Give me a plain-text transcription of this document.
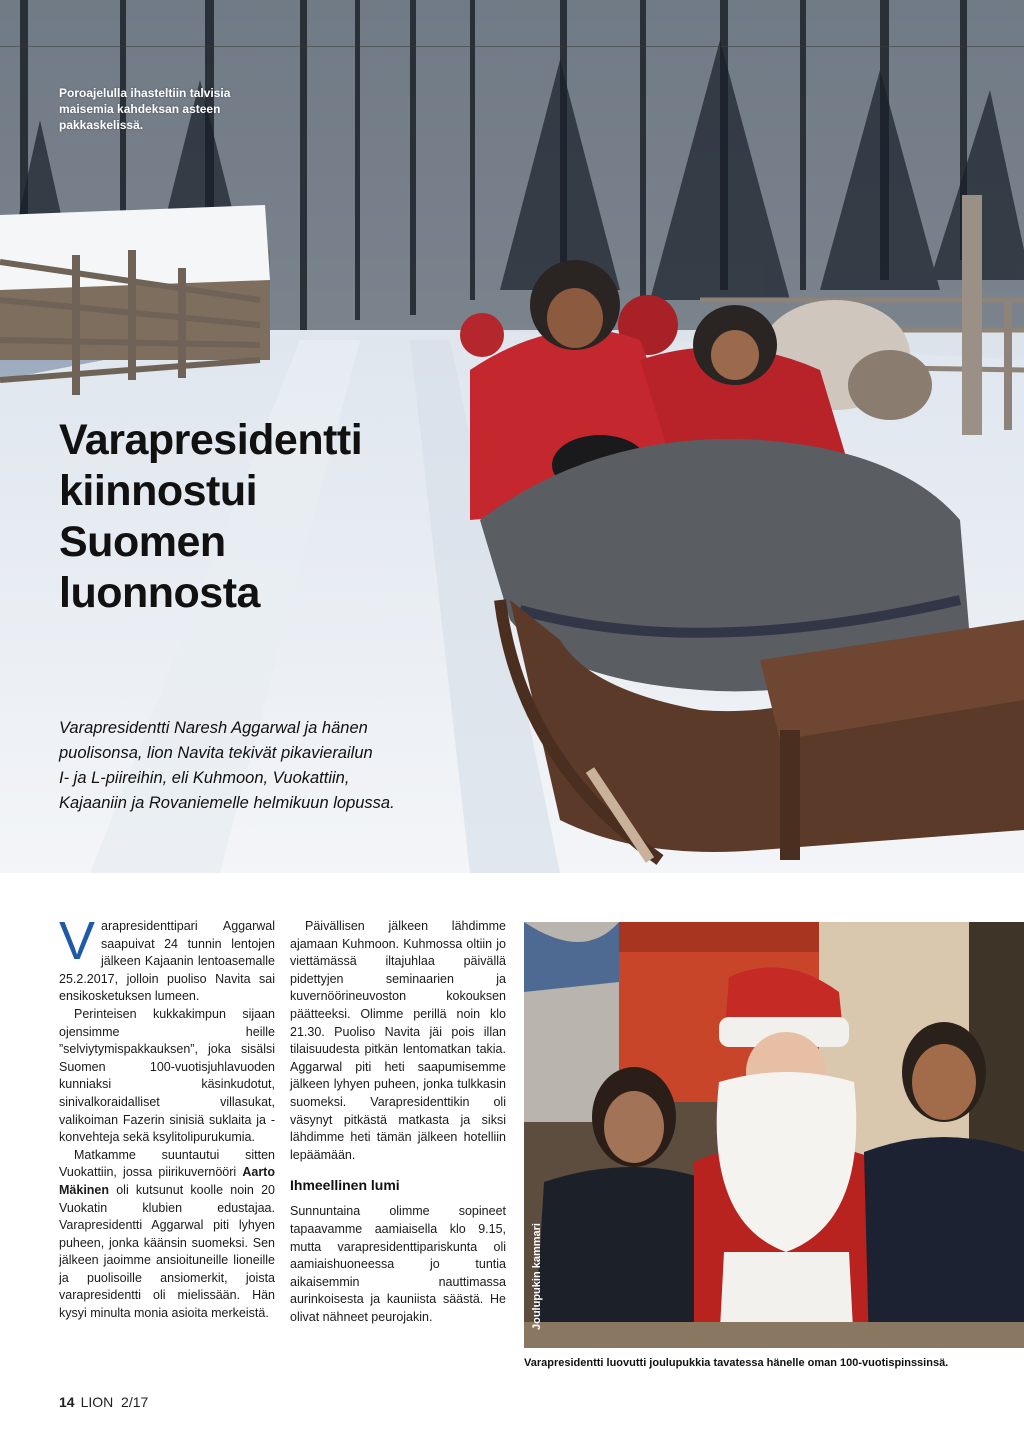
Poroajelulla ihasteltiin talvisia maisemia kahdeksan asteen pakkaskelissä.
Varapresidentti
kiinnostui
Suomen
luonnosta
Varapresidentti Naresh Aggarwal ja hänen
puolisonsa, lion Navita tekivät pikavierailun
I- ja L-piireihin, eli Kuhmoon, Vuokattiin,
Kajaaniin ja Rovaniemelle helmikuun lopussa.

Varapresidenttipari Aggarwal saapuivat 24 tunnin lentojen jälkeen Kajaanin lentoasemalle 25.2.2017, jolloin puoliso Navita sai ensikosketuksen lumeen.

Perinteisen kukkakimpun sijaan ojensimme heille ”selviytymispakkauksen”, joka sisälsi Suomen 100-vuotisjuhlavuoden kunniaksi käsinkudotut, sinivalkoraidalliset villasukat, valikoiman Fazerin sinisiä suklaita ja -konvehteja sekä ksylitolipurukumia.

Matkamme suuntautui sitten Vuokattiin, jossa piirikuvernööri Aarto Mäkinen oli kutsunut koolle noin 20 Vuokatin klubien edustajaa. Varapresidentti Aggarwal piti lyhyen puheen, jonka käänsin suomeksi. Sen jälkeen jaoimme ansioituneille lioneille ja puolisoille ansiomerkit, joista varapresidentti oli mielissään. Hän kysyi minulta monia asioita merkeistä.

Päivällisen jälkeen lähdimme ajamaan Kuhmoon. Kuhmossa oltiin jo viettämässä iltajuhlaa päivällä pidettyjen seminaarien ja kuvernöörineuvoston kokouksen päätteeksi. Olimme perillä noin klo 21.30. Puoliso Navita jäi pois illan tilaisuudesta pitkän lentomatkan takia. Aggarwal piti heti saapumisemme jälkeen lyhyen puheen, jonka tulkkasin suomeksi. Varapresidenttikin oli väsynyt pitkästä matkasta ja siksi lähdimme heti tämän jälkeen hotelliin lepäämään.

Ihmeellinen lumi

Sunnuntaina olimme sopineet tapaavamme aamiaisella klo 9.15, mutta varapresidenttipariskunta oli aamiaishuoneessa jo tuntia aikaisemmin nauttimassa aurinkoisesta ja kauniista säästä. He olivat nähneet peurojakin.

Varapresidentti luovutti joulupukkia tavatessa hänelle oman 100-vuotispinssinsä.
14 LION 2/17
